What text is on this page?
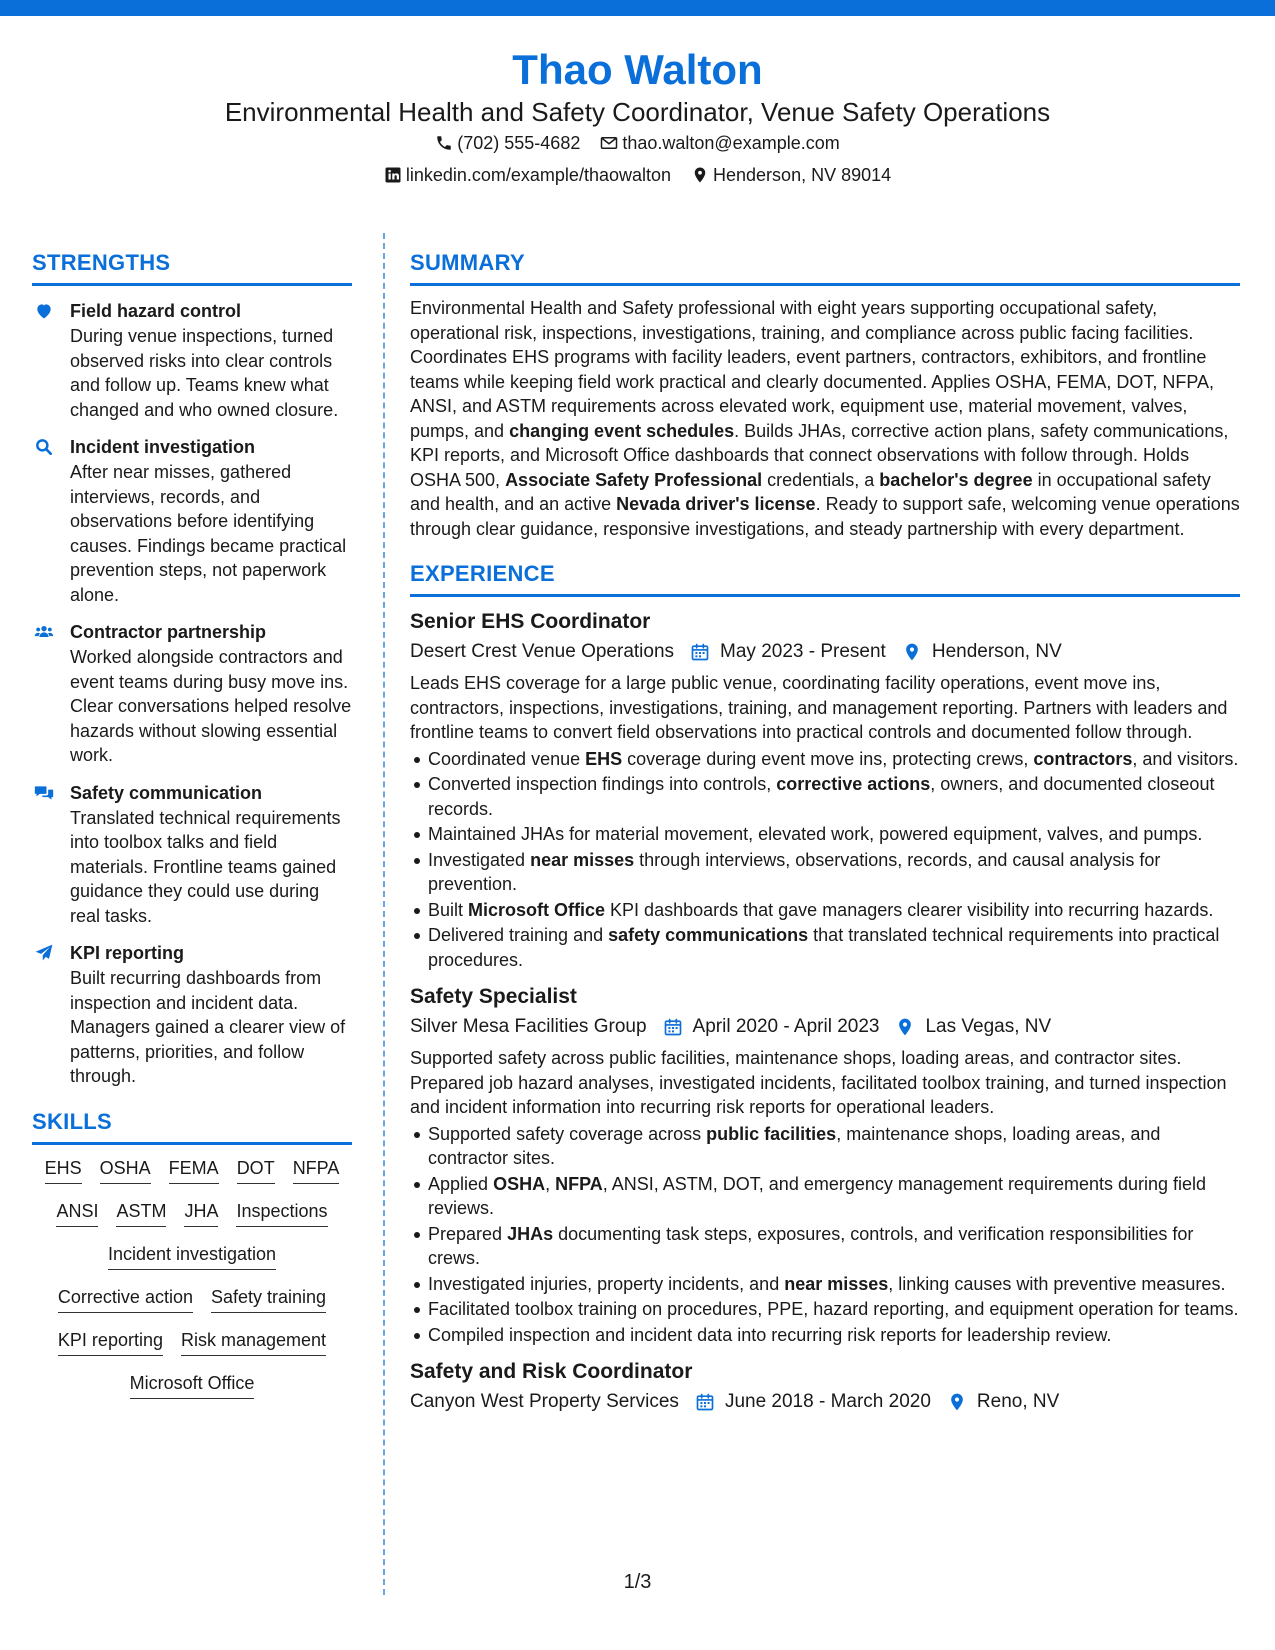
Thao Walton
Environmental Health and Safety Coordinator, Venue Safety Operations
(702) 555-4682 thao.walton@example.com
linkedin.com/example/thaowalton Henderson, NV 89014
STRENGTHS
Field hazard control
During venue inspections, turned observed risks into clear controls and follow up. Teams knew what changed and who owned closure.
Incident investigation
After near misses, gathered interviews, records, and observations before identifying causes. Findings became practical prevention steps, not paperwork alone.
Contractor partnership
Worked alongside contractors and event teams during busy move ins. Clear conversations helped resolve hazards without slowing essential work.
Safety communication
Translated technical requirements into toolbox talks and field materials. Frontline teams gained guidance they could use during real tasks.
KPI reporting
Built recurring dashboards from inspection and incident data. Managers gained a clearer view of patterns, priorities, and follow through.
SKILLS
EHS OSHA FEMA DOT NFPA
ANSI ASTM JHA Inspections
Incident investigation
Corrective action Safety training
KPI reporting Risk management
Microsoft Office
SUMMARY
Environmental Health and Safety professional with eight years supporting occupational safety, operational risk, inspections, investigations, training, and compliance across public facing facilities. Coordinates EHS programs with facility leaders, event partners, contractors, exhibitors, and frontline teams while keeping field work practical and clearly documented. Applies OSHA, FEMA, DOT, NFPA, ANSI, and ASTM requirements across elevated work, equipment use, material movement, valves, pumps, and changing event schedules. Builds JHAs, corrective action plans, safety communications, KPI reports, and Microsoft Office dashboards that connect observations with follow through. Holds OSHA 500, Associate Safety Professional credentials, a bachelor's degree in occupational safety and health, and an active Nevada driver's license. Ready to support safe, welcoming venue operations through clear guidance, responsive investigations, and steady partnership with every department.
EXPERIENCE
Senior EHS Coordinator
Desert Crest Venue Operations May 2023 - Present Henderson, NV
Leads EHS coverage for a large public venue, coordinating facility operations, event move ins, contractors, inspections, investigations, training, and management reporting. Partners with leaders and frontline teams to convert field observations into practical controls and documented follow through.
Coordinated venue EHS coverage during event move ins, protecting crews, contractors, and visitors.
Converted inspection findings into controls, corrective actions, owners, and documented closeout records.
Maintained JHAs for material movement, elevated work, powered equipment, valves, and pumps.
Investigated near misses through interviews, observations, records, and causal analysis for prevention.
Built Microsoft Office KPI dashboards that gave managers clearer visibility into recurring hazards.
Delivered training and safety communications that translated technical requirements into practical procedures.
Safety Specialist
Silver Mesa Facilities Group April 2020 - April 2023 Las Vegas, NV
Supported safety across public facilities, maintenance shops, loading areas, and contractor sites. Prepared job hazard analyses, investigated incidents, facilitated toolbox training, and turned inspection and incident information into recurring risk reports for operational leaders.
Supported safety coverage across public facilities, maintenance shops, loading areas, and contractor sites.
Applied OSHA, NFPA, ANSI, ASTM, DOT, and emergency management requirements during field reviews.
Prepared JHAs documenting task steps, exposures, controls, and verification responsibilities for crews.
Investigated injuries, property incidents, and near misses, linking causes with preventive measures.
Facilitated toolbox training on procedures, PPE, hazard reporting, and equipment operation for teams.
Compiled inspection and incident data into recurring risk reports for leadership review.
Safety and Risk Coordinator
Canyon West Property Services June 2018 - March 2020 Reno, NV
1/3
